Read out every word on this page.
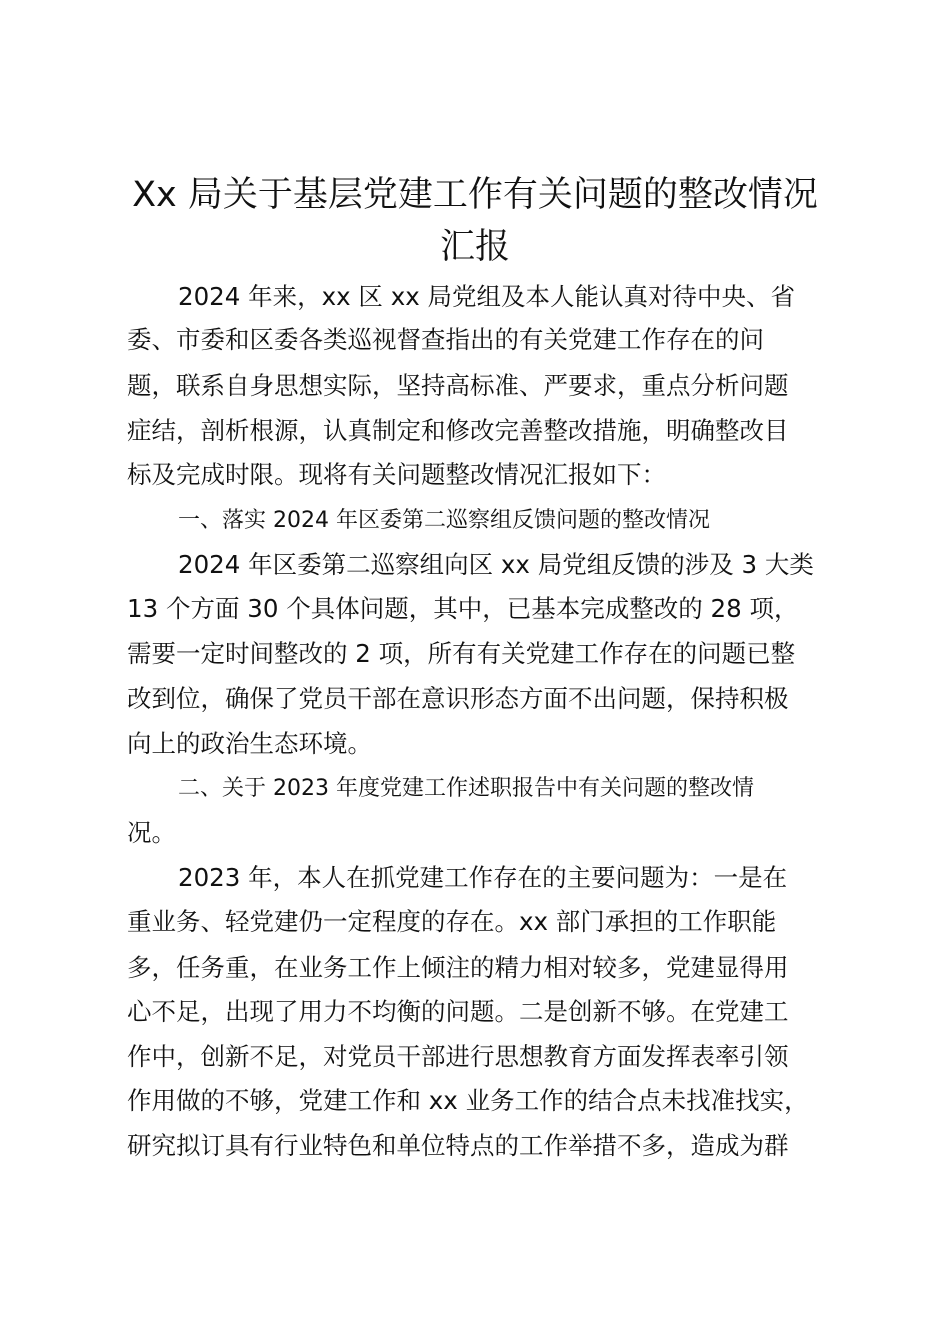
Xx 局关于基层党建工作有关问题的整改情况
汇报
2024 年来，xx 区 xx 局党组及本人能认真对待中央、省
委、市委和区委各类巡视督查指出的有关党建工作存在的问
题，联系自身思想实际，坚持高标准、严要求，重点分析问题
症结，剖析根源，认真制定和修改完善整改措施，明确整改目
标及完成时限。现将有关问题整改情况汇报如下：
一、落实 2024 年区委第二巡察组反馈问题的整改情况
2024 年区委第二巡察组向区 xx 局党组反馈的涉及 3 大类
13 个方面 30 个具体问题，其中，已基本完成整改的 28 项，
需要一定时间整改的 2 项，所有有关党建工作存在的问题已整
改到位，确保了党员干部在意识形态方面不出问题，保持积极
向上的政治生态环境。
二、关于 2023 年度党建工作述职报告中有关问题的整改情
况。
2023 年，本人在抓党建工作存在的主要问题为：一是在
重业务、轻党建仍一定程度的存在。xx 部门承担的工作职能
多，任务重，在业务工作上倾注的精力相对较多，党建显得用
心不足，出现了用力不均衡的问题。二是创新不够。在党建工
作中，创新不足，对党员干部进行思想教育方面发挥表率引领
作用做的不够，党建工作和 xx 业务工作的结合点未找准找实，
研究拟订具有行业特色和单位特点的工作举措不多，造成为群
